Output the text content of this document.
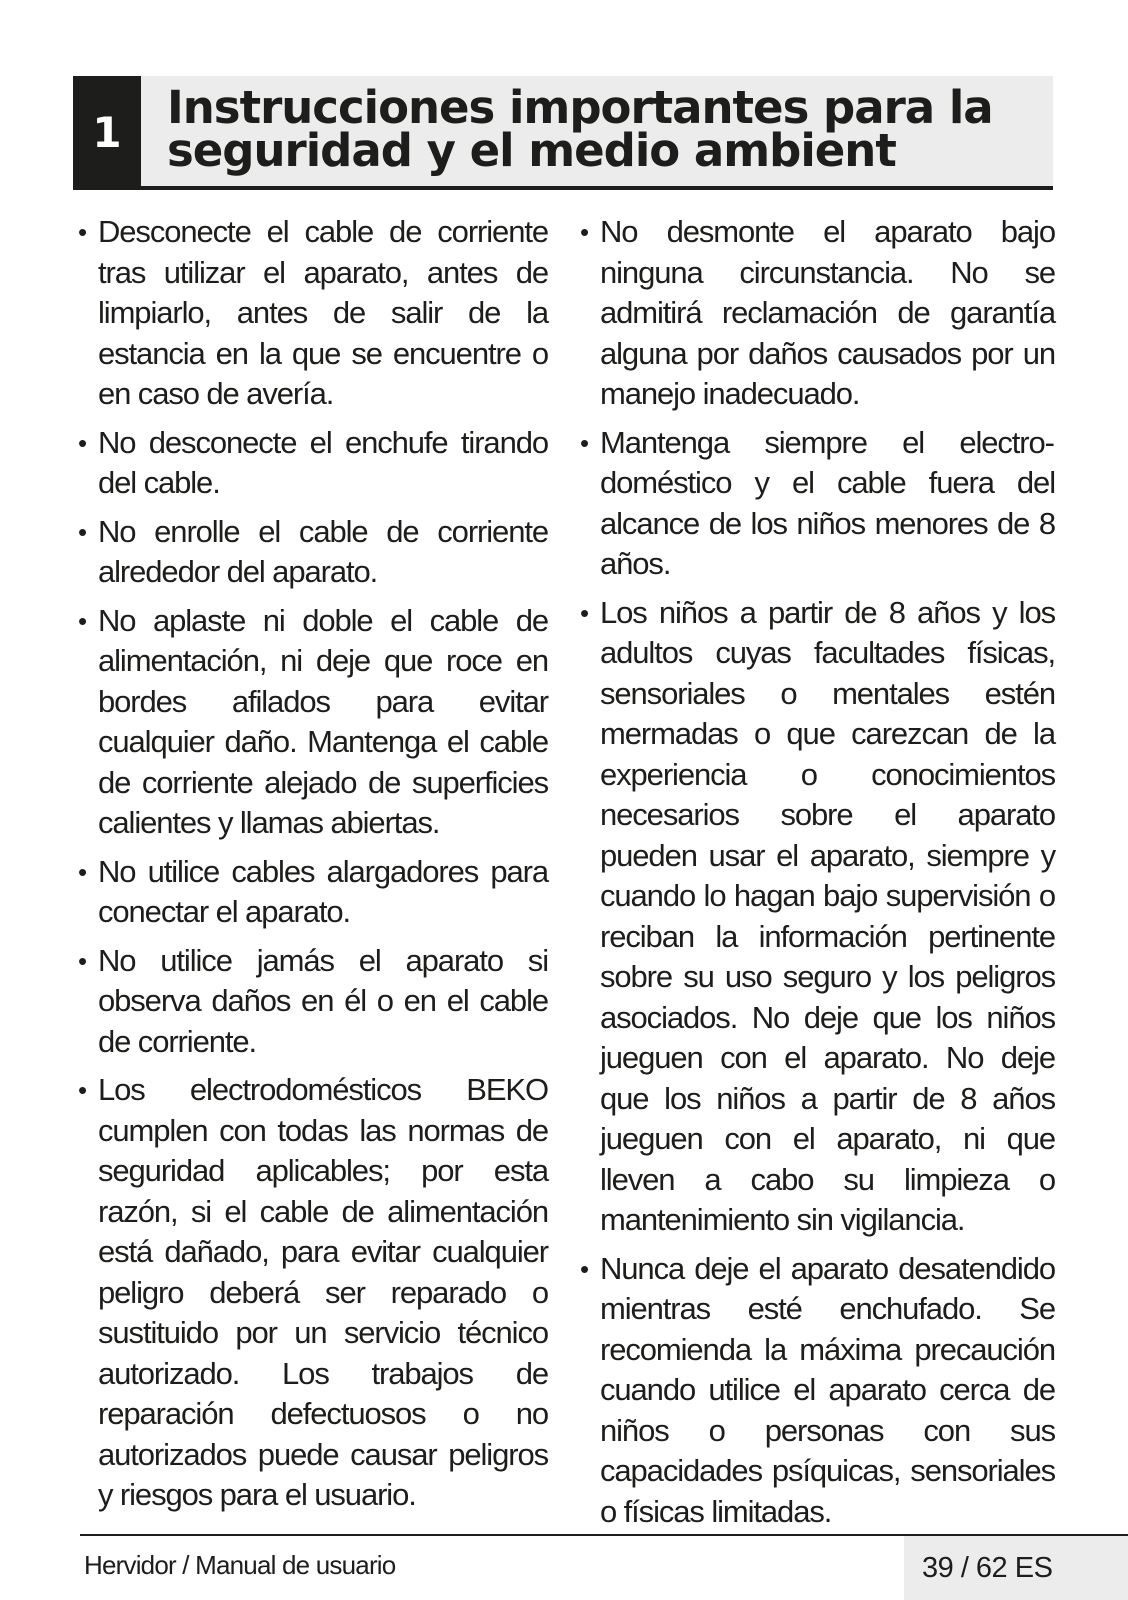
1 Instrucciones importantes para la seguridad y el medio ambient
• Desconecte el cable de corriente tras utilizar el aparato, antes de limpiarlo, antes de salir de la estancia en la que se encuentre o en caso de avería.
• No desconecte el enchufe tirando del cable.
• No enrolle el cable de corriente alrededor del aparato.
• No aplaste ni doble el cable de alimentación, ni deje que roce en bordes afilados para evitar cualquier daño. Mantenga el cable de corriente alejado de superficies calientes y llamas abiertas.
• No utilice cables alargadores para conectar el aparato.
• No utilice jamás el aparato si observa daños en él o en el cable de corriente.
• Los electrodomésticos BEKO cumplen con todas las normas de seguridad aplicables; por esta razón, si el cable de alimentación está dañado, para evitar cualquier peligro deberá ser reparado o sustituido por un servicio técnico autorizado. Los trabajos de reparación defectuosos o no autorizados puede causar peligros y riesgos para el usuario.
• No desmonte el aparato bajo ninguna circunstancia. No se admitirá reclamación de garantía alguna por daños causados por un manejo inadecuado.
• Mantenga siempre el electrodoméstico y el cable fuera del alcance de los niños menores de 8 años.
• Los niños a partir de 8 años y los adultos cuyas facultades físicas, sensoriales o mentales estén mermadas o que carezcan de la experiencia o conocimientos necesarios sobre el aparato pueden usar el aparato, siempre y cuando lo hagan bajo supervisión o reciban la información pertinente sobre su uso seguro y los peligros asociados. No deje que los niños jueguen con el aparato. No deje que los niños a partir de 8 años jueguen con el aparato, ni que lleven a cabo su limpieza o mantenimiento sin vigilancia.
• Nunca deje el aparato desatendido mientras esté enchufado. Se recomienda la máxima precaución cuando utilice el aparato cerca de niños o personas con sus capacidades psíquicas, sensoriales o físicas limitadas.
Hervidor / Manual de usuario	39 / 62 ES
